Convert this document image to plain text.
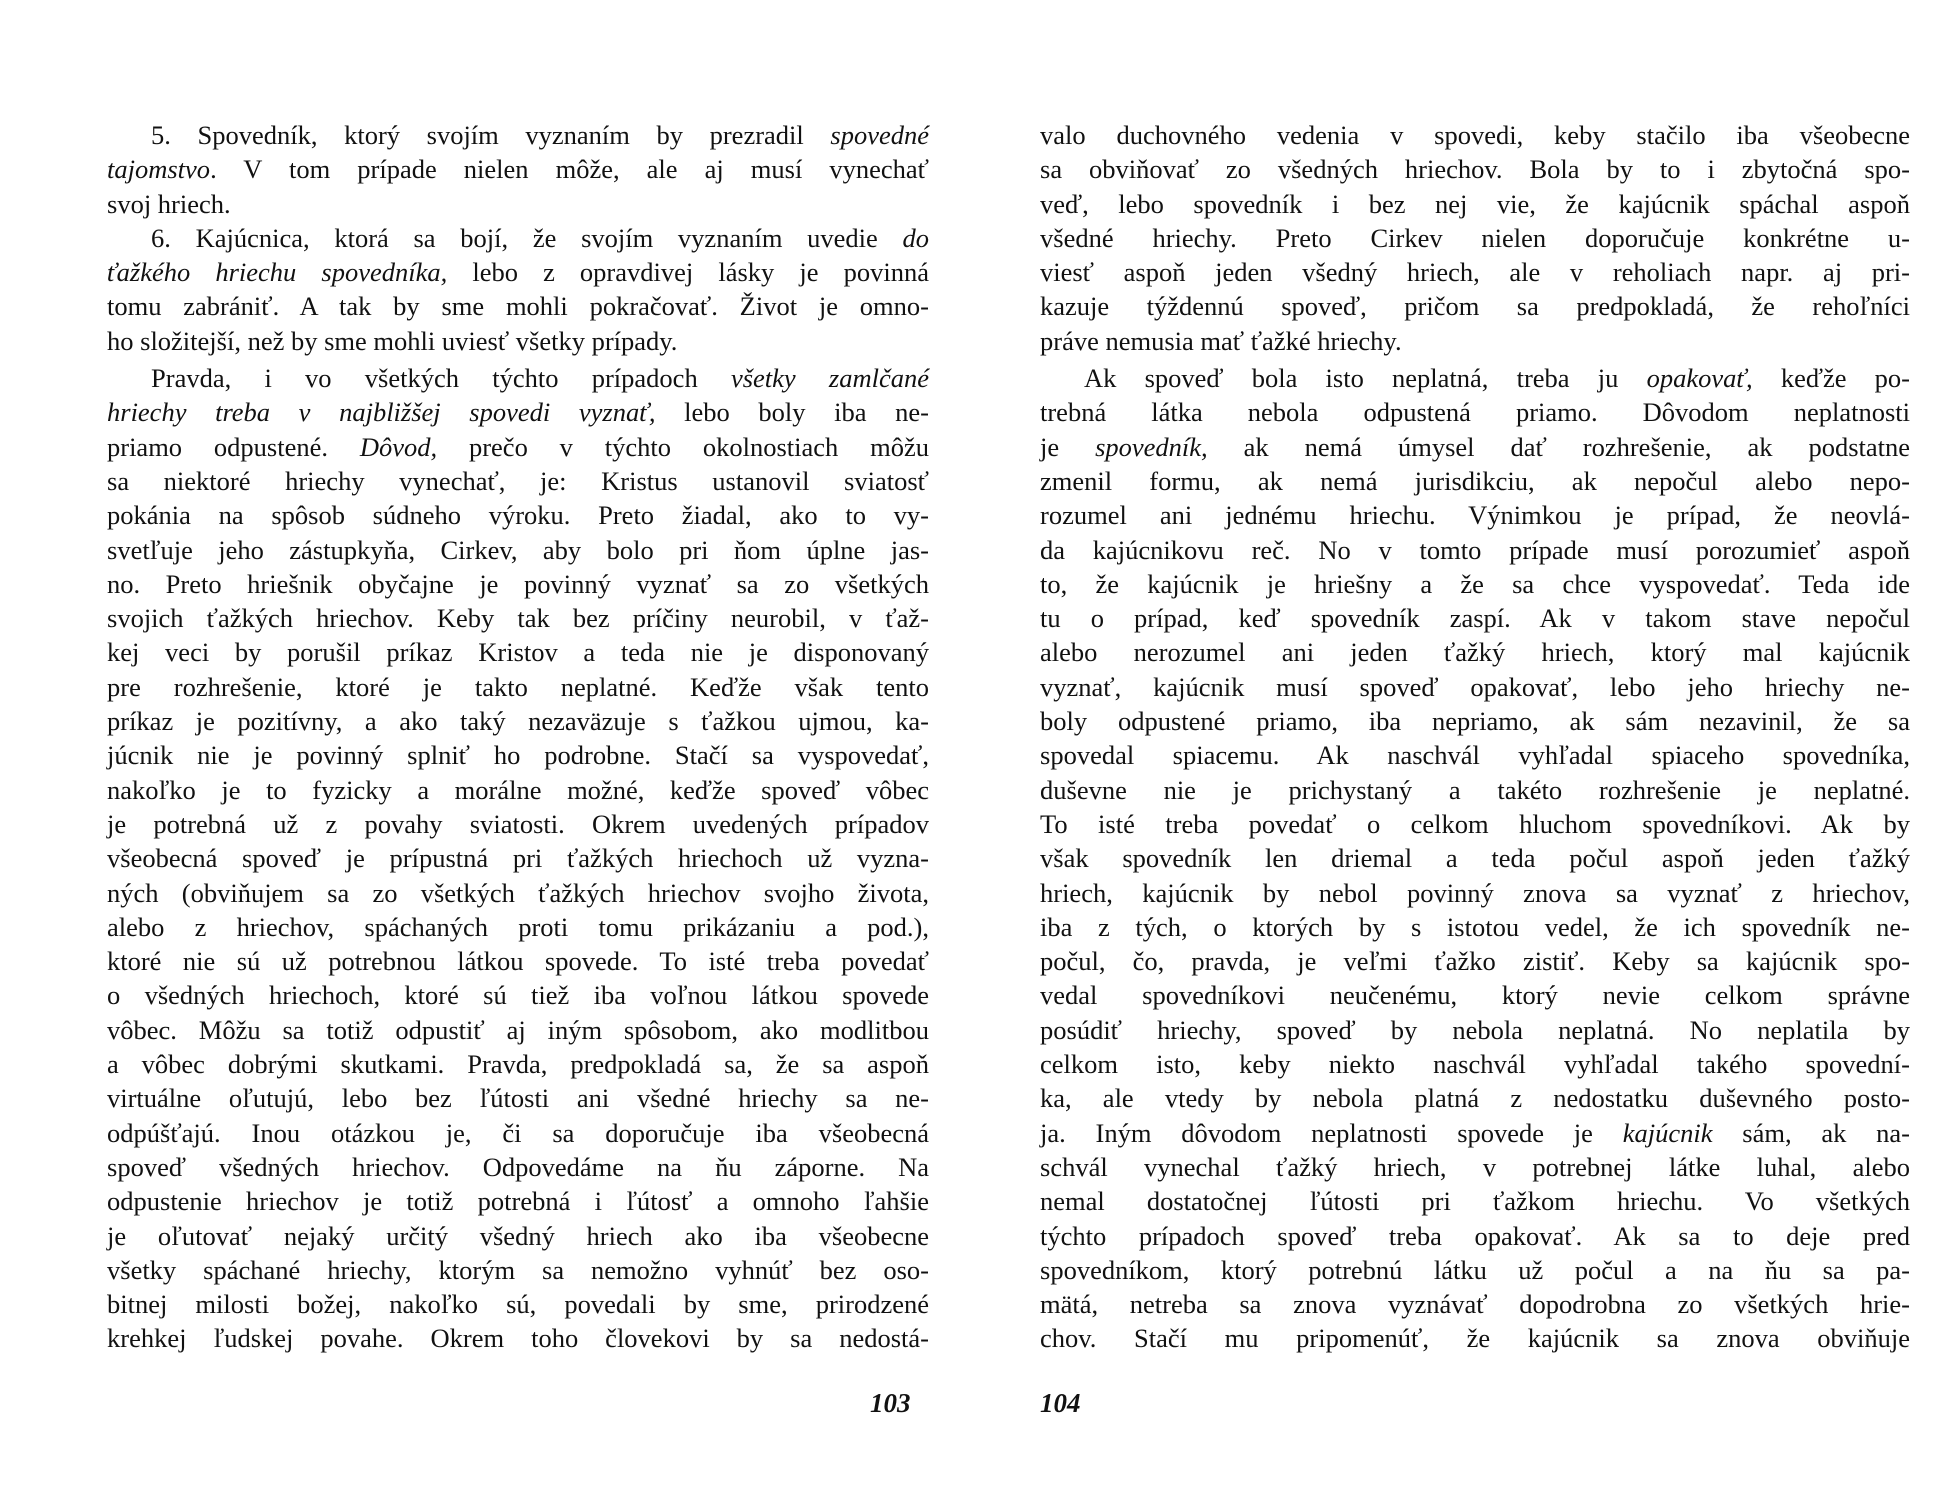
5. Spovedník, ktorý svojím vyznaním by prezradil spovedné
tajomstvo. V tom prípade nielen môže, ale aj musí vynechať
svoj hriech.
6. Kajúcnica, ktorá sa bojí, že svojím vyznaním uvedie do
ťažkého hriechu spovedníka, lebo z opravdivej lásky je povinná
tomu zabrániť. A tak by sme mohli pokračovať. Život je omno-
ho složitejší, než by sme mohli uviesť všetky prípady.
Pravda, i vo všetkých týchto prípadoch všetky zamlčané
hriechy treba v najbližšej spovedi vyznať, lebo boly iba ne-
priamo odpustené. Dôvod, prečo v týchto okolnostiach môžu
sa niektoré hriechy vynechať, je: Kristus ustanovil sviatosť
pokánia na spôsob súdneho výroku. Preto žiadal, ako to vy-
svetľuje jeho zástupkyňa, Cirkev, aby bolo pri ňom úplne jas-
no. Preto hriešnik obyčajne je povinný vyznať sa zo všetkých
svojich ťažkých hriechov. Keby tak bez príčiny neurobil, v ťaž-
kej veci by porušil príkaz Kristov a teda nie je disponovaný
pre rozhrešenie, ktoré je takto neplatné. Keďže však tento
príkaz je pozitívny, a ako taký nezaväzuje s ťažkou ujmou, ka-
júcnik nie je povinný splniť ho podrobne. Stačí sa vyspovedať,
nakoľko je to fyzicky a morálne možné, keďže spoveď vôbec
je potrebná už z povahy sviatosti. Okrem uvedených prípadov
všeobecná spoveď je prípustná pri ťažkých hriechoch už vyzna-
ných (obviňujem sa zo všetkých ťažkých hriechov svojho života,
alebo z hriechov, spáchaných proti tomu prikázaniu a pod.),
ktoré nie sú už potrebnou látkou spovede. To isté treba povedať
o všedných hriechoch, ktoré sú tiež iba voľnou látkou spovede
vôbec. Môžu sa totiž odpustiť aj iným spôsobom, ako modlitbou
a vôbec dobrými skutkami. Pravda, predpokladá sa, že sa aspoň
virtuálne oľutujú, lebo bez ľútosti ani všedné hriechy sa ne-
odpúšťajú. Inou otázkou je, či sa doporučuje iba všeobecná
spoveď všedných hriechov. Odpovedáme na ňu záporne. Na
odpustenie hriechov je totiž potrebná i ľútosť a omnoho ľahšie
je oľutovať nejaký určitý všedný hriech ako iba všeobecne
všetky spáchané hriechy, ktorým sa nemožno vyhnúť bez oso-
bitnej milosti božej, nakoľko sú, povedali by sme, prirodzené
krehkej ľudskej povahe. Okrem toho človekovi by sa nedostá-
valo duchovného vedenia v spovedi, keby stačilo iba všeobecne
sa obviňovať zo všedných hriechov. Bola by to i zbytočná spo-
veď, lebo spovedník i bez nej vie, že kajúcnik spáchal aspoň
všedné hriechy. Preto Cirkev nielen doporučuje konkrétne u-
viesť aspoň jeden všedný hriech, ale v reholiach napr. aj pri-
kazuje týždennú spoveď, pričom sa predpokladá, že rehoľníci
práve nemusia mať ťažké hriechy.
Ak spoveď bola isto neplatná, treba ju opakovať, keďže po-
trebná látka nebola odpustená priamo. Dôvodom neplatnosti
je spovedník, ak nemá úmysel dať rozhrešenie, ak podstatne
zmenil formu, ak nemá jurisdikciu, ak nepočul alebo nepo-
rozumel ani jednému hriechu. Výnimkou je prípad, že neovlá-
da kajúcnikovu reč. No v tomto prípade musí porozumieť aspoň
to, že kajúcnik je hriešny a že sa chce vyspovedať. Teda ide
tu o prípad, keď spovedník zaspí. Ak v takom stave nepočul
alebo nerozumel ani jeden ťažký hriech, ktorý mal kajúcnik
vyznať, kajúcnik musí spoveď opakovať, lebo jeho hriechy ne-
boly odpustené priamo, iba nepriamo, ak sám nezavinil, že sa
spovedal spiacemu. Ak naschvál vyhľadal spiaceho spovedníka,
duševne nie je prichystaný a takéto rozhrešenie je neplatné.
To isté treba povedať o celkom hluchom spovedníkovi. Ak by
však spovedník len driemal a teda počul aspoň jeden ťažký
hriech, kajúcnik by nebol povinný znova sa vyznať z hriechov,
iba z tých, o ktorých by s istotou vedel, že ich spovedník ne-
počul, čo, pravda, je veľmi ťažko zistiť. Keby sa kajúcnik spo-
vedal spovedníkovi neučenému, ktorý nevie celkom správne
posúdiť hriechy, spoveď by nebola neplatná. No neplatila by
celkom isto, keby niekto naschvál vyhľadal takého spovední-
ka, ale vtedy by nebola platná z nedostatku duševného posto-
ja. Iným dôvodom neplatnosti spovede je kajúcnik sám, ak na-
schvál vynechal ťažký hriech, v potrebnej látke luhal, alebo
nemal dostatočnej ľútosti pri ťažkom hriechu. Vo všetkých
týchto prípadoch spoveď treba opakovať. Ak sa to deje pred
spovedníkom, ktorý potrebnú látku už počul a na ňu sa pa-
mätá, netreba sa znova vyznávať dopodrobna zo všetkých hrie-
chov. Stačí mu pripomenúť, že kajúcnik sa znova obviňuje
103	104
